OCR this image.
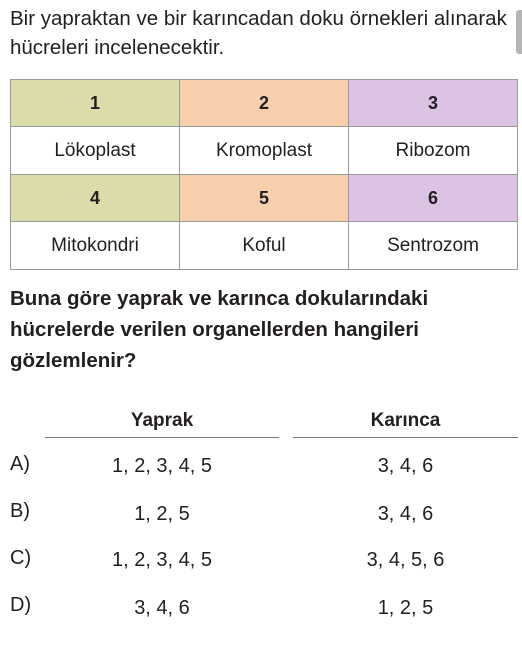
Bir yapraktan ve bir karıncadan doku örnekleri alınarak hücreleri incelenecektir.
1	2	3
Lökoplast	Kromoplast	Ribozom
4	5	6
Mitokondri	Koful	Sentrozom
Buna göre yaprak ve karınca dokularındaki hücrelerde verilen organellerden hangileri gözlemlenir?
Yaprak	Karınca
A)	1, 2, 3, 4, 5	3, 4, 6
B)	1, 2, 5	3, 4, 6
C)	1, 2, 3, 4, 5	3, 4, 5, 6
D)	3, 4, 6	1, 2, 5
